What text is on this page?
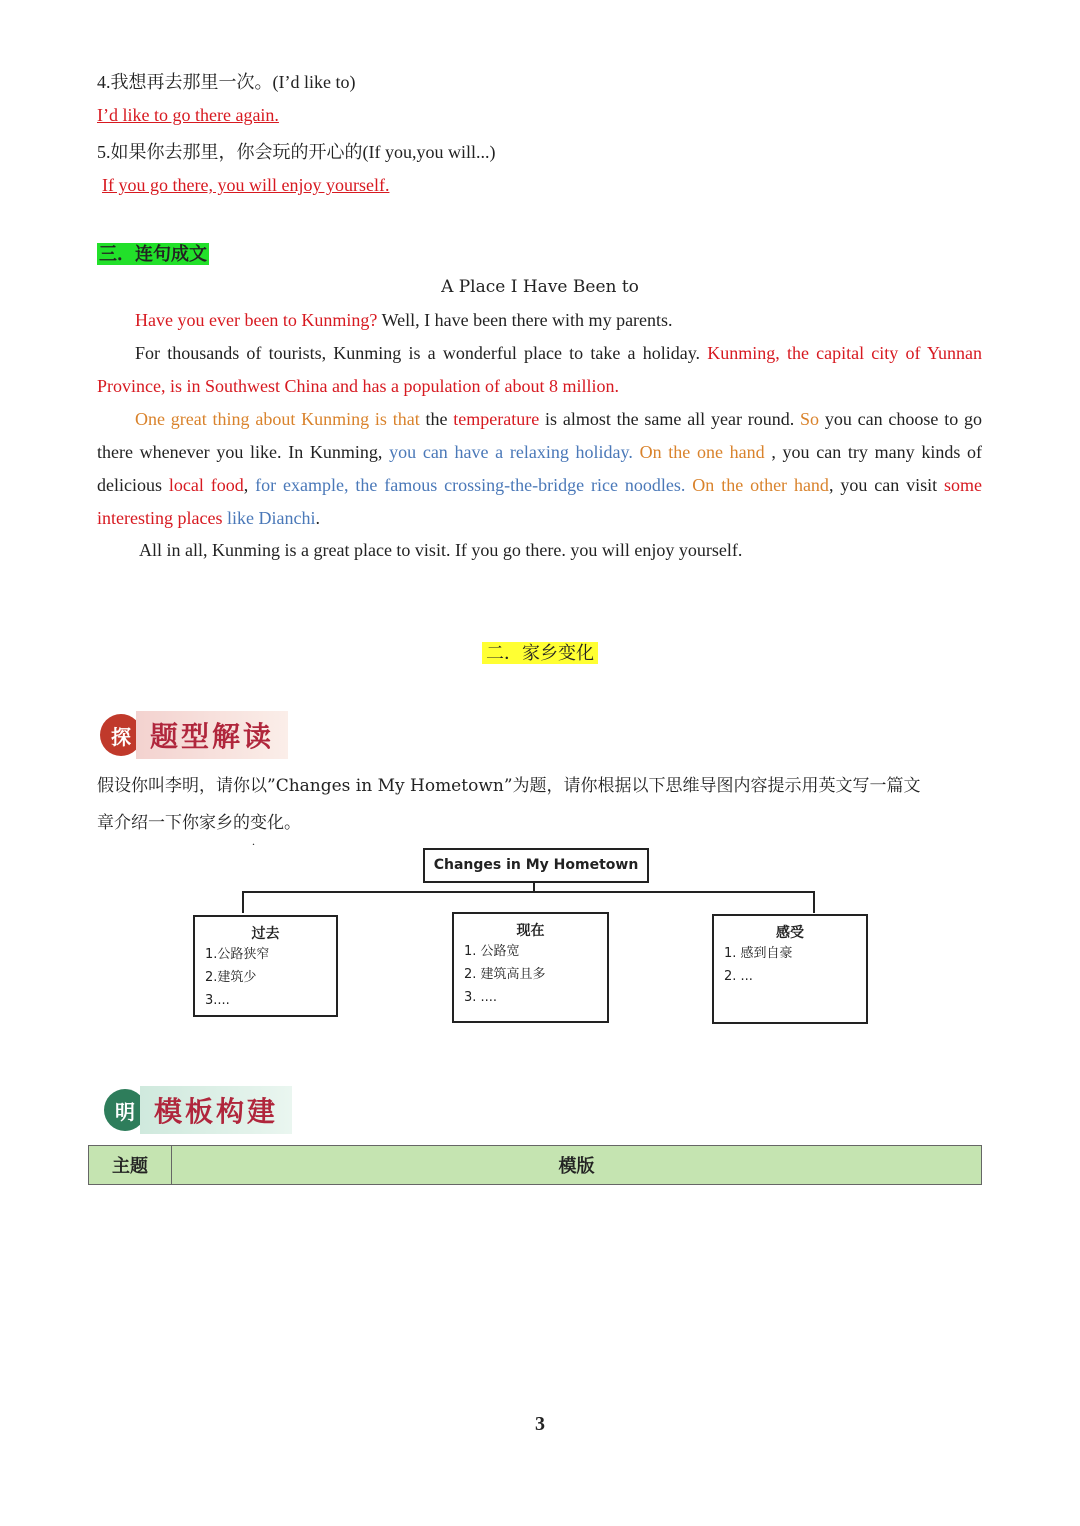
4.我想再去那里一次。(I’d like to)
I’d like to go there again.
5.如果你去那里，你会玩的开心的(If you,you will...)
If you go there, you will enjoy yourself.
三．连句成文
A Place I Have Been to
Have you ever been to Kunming? Well, I have been there with my parents.
For thousands of tourists, Kunming is a wonderful place to take a holiday. Kunming, the capital city of Yunnan Province, is in Southwest China and has a population of about 8 million.
One great thing about Kunming is that the temperature is almost the same all year round. So you can choose to go there whenever you like. In Kunming, you can have a relaxing holiday. On the one hand , you can try many kinds of delicious local food, for example, the famous crossing-the-bridge rice noodles. On the other hand, you can visit some interesting places like Dianchi.
All in all, Kunming is a great place to visit. If you go there. you will enjoy yourself.
二．家乡变化
探 题型解读
假设你叫李明，请你以”Changes in My Hometown”为题，请你根据以下思维导图内容提示用英文写一篇文
章介绍一下你家乡的变化。
.
Changes in My Hometown
过去
1.公路狭窄
2.建筑少
3....
现在
1. 公路宽
2. 建筑高且多
3. ....
感受
1. 感到自豪
2. ...
明 模板构建
主题	模版
3
